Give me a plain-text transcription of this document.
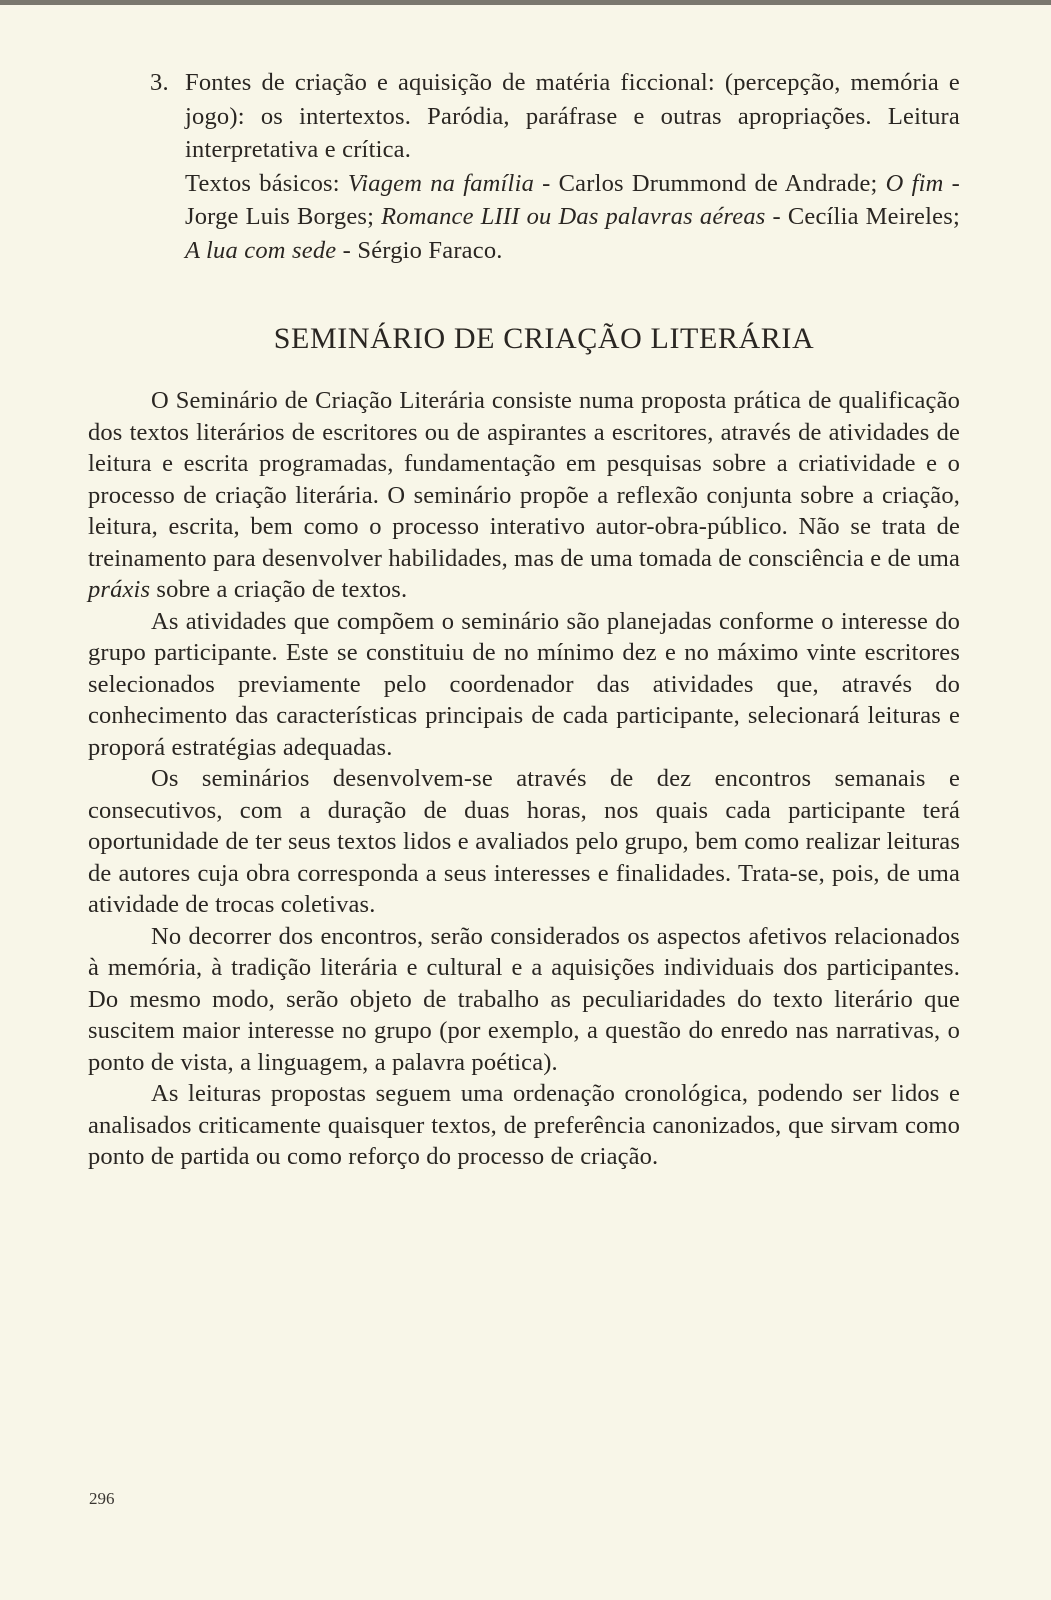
3. Fontes de criação e aquisição de matéria ficcional: (percepção, memória e jogo): os intertextos. Paródia, paráfrase e outras apropriações. Leitura interpretativa e crítica.

Textos básicos: Viagem na família - Carlos Drummond de Andrade; O fim - Jorge Luis Borges; Romance LIII ou Das palavras aéreas - Cecília Meireles; A lua com sede - Sérgio Faraco.

SEMINÁRIO DE CRIAÇÃO LITERÁRIA

O Seminário de Criação Literária consiste numa proposta prática de qualificação dos textos literários de escritores ou de aspirantes a escritores, através de atividades de leitura e escrita programadas, fundamentação em pesquisas sobre a criatividade e o processo de criação literária. O seminário propõe a reflexão conjunta sobre a criação, leitura, escrita, bem como o processo interativo autor-obra-público. Não se trata de treinamento para desenvolver habilidades, mas de uma tomada de consciência e de uma práxis sobre a criação de textos.

As atividades que compõem o seminário são planejadas conforme o interesse do grupo participante. Este se constituiu de no mínimo dez e no máximo vinte escritores selecionados previamente pelo coordenador das atividades que, através do conhecimento das características principais de cada participante, selecionará leituras e proporá estratégias adequadas.

Os seminários desenvolvem-se através de dez encontros semanais e consecutivos, com a duração de duas horas, nos quais cada participante terá oportunidade de ter seus textos lidos e avaliados pelo grupo, bem como realizar leituras de autores cuja obra corresponda a seus interesses e finalidades. Trata-se, pois, de uma atividade de trocas coletivas.

No decorrer dos encontros, serão considerados os aspectos afetivos relacionados à memória, à tradição literária e cultural e a aquisições individuais dos participantes. Do mesmo modo, serão objeto de trabalho as peculiaridades do texto literário que suscitem maior interesse no grupo (por exemplo, a questão do enredo nas narrativas, o ponto de vista, a linguagem, a palavra poética).

As leituras propostas seguem uma ordenação cronológica, podendo ser lidos e analisados criticamente quaisquer textos, de preferência canonizados, que sirvam como ponto de partida ou como reforço do processo de criação.

296
